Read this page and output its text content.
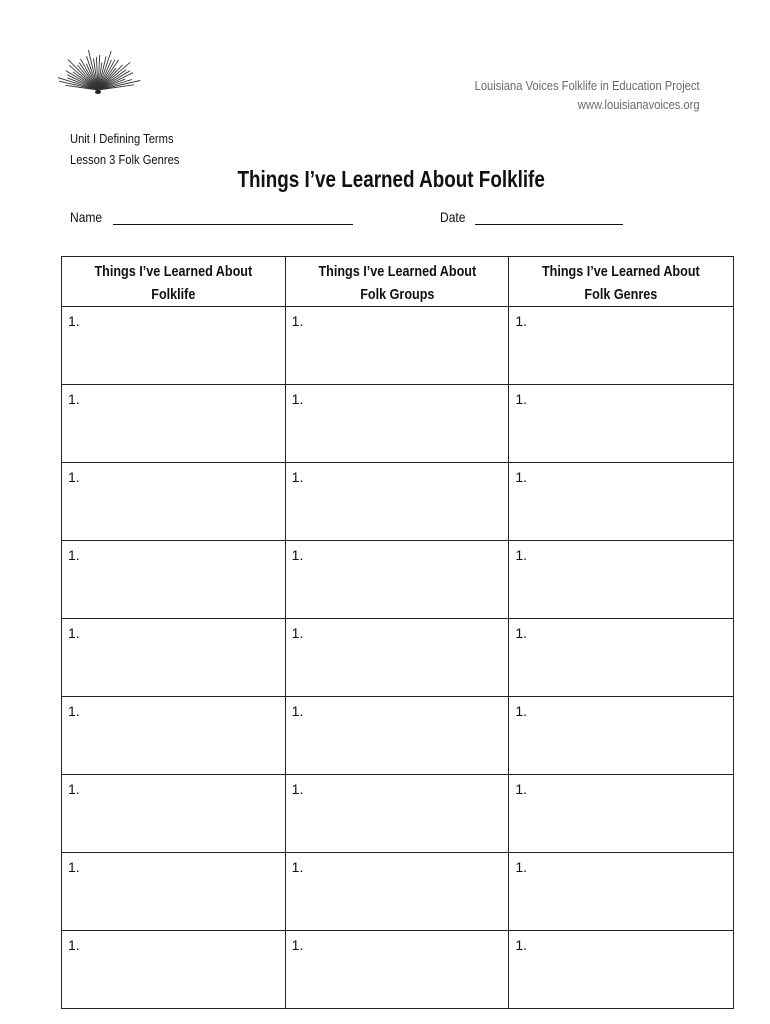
Louisiana Voices Folklife in Education Project
www.louisianavoices.org
Unit I Defining Terms
Lesson 3 Folk Genres
Things I’ve Learned About Folklife
Name	Date
Things I’ve Learned About Folklife	Things I’ve Learned About Folk Groups	Things I’ve Learned About Folk Genres
1.	1.	1.
1.	1.	1.
1.	1.	1.
1.	1.	1.
1.	1.	1.
1.	1.	1.
1.	1.	1.
1.	1.	1.
1.	1.	1.
